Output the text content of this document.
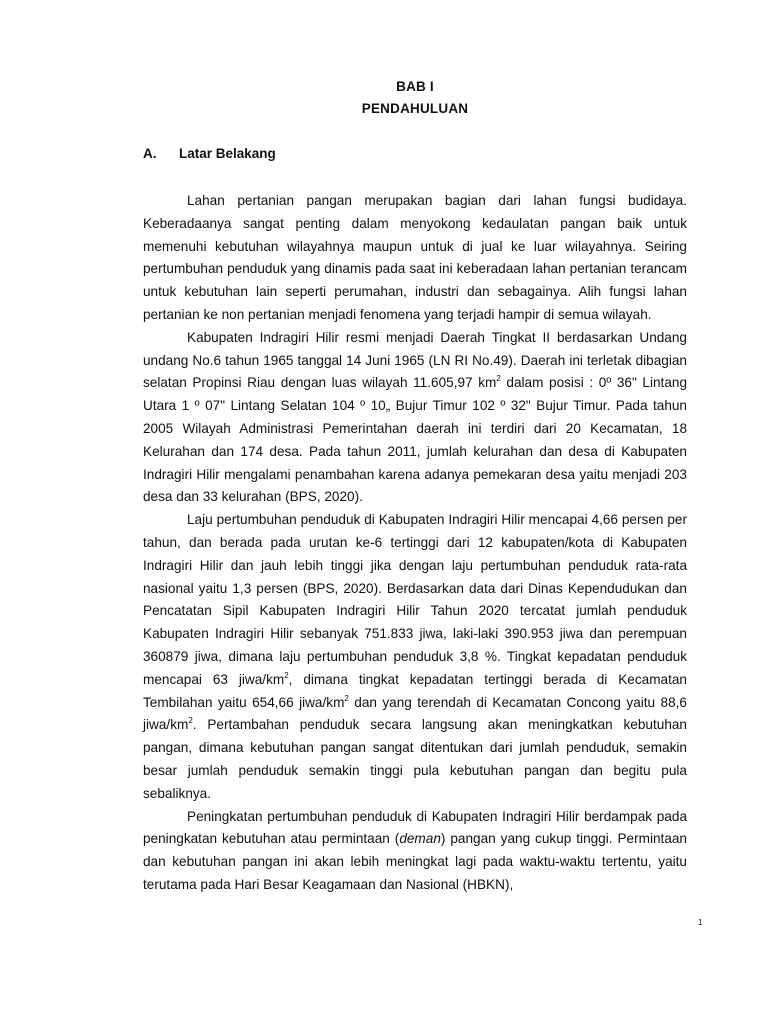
BAB I
PENDAHULUAN
A. Latar Belakang

Lahan pertanian pangan merupakan bagian dari lahan fungsi budidaya. Keberadaanya sangat penting dalam menyokong kedaulatan pangan baik untuk memenuhi kebutuhan wilayahnya maupun untuk di jual ke luar wilayahnya. Seiring pertumbuhan penduduk yang dinamis pada saat ini keberadaan lahan pertanian terancam untuk kebutuhan lain seperti perumahan, industri dan sebagainya. Alih fungsi lahan pertanian ke non pertanian menjadi fenomena yang terjadi hampir di semua wilayah.

Kabupaten Indragiri Hilir resmi menjadi Daerah Tingkat II berdasarkan Undang undang No.6 tahun 1965 tanggal 14 Juni 1965 (LN RI No.49). Daerah ini terletak dibagian selatan Propinsi Riau dengan luas wilayah 11.605,97 $km^2$ dalam posisi : 0º 36" Lintang Utara 1 º 07" Lintang Selatan 104 º 10„ Bujur Timur 102 º 32" Bujur Timur. Pada tahun 2005 Wilayah Administrasi Pemerintahan daerah ini terdiri dari 20 Kecamatan, 18 Kelurahan dan 174 desa. Pada tahun 2011, jumlah kelurahan dan desa di Kabupaten Indragiri Hilir mengalami penambahan karena adanya pemekaran desa yaitu menjadi 203 desa dan 33 kelurahan (BPS, 2020).

Laju pertumbuhan penduduk di Kabupaten Indragiri Hilir mencapai 4,66 persen per tahun, dan berada pada urutan ke-6 tertinggi dari 12 kabupaten/kota di Kabupaten Indragiri Hilir dan jauh lebih tinggi jika dengan laju pertumbuhan penduduk rata-rata nasional yaitu 1,3 persen (BPS, 2020). Berdasarkan data dari Dinas Kependudukan dan Pencatatan Sipil Kabupaten Indragiri Hilir Tahun 2020 tercatat jumlah penduduk Kabupaten Indragiri Hilir sebanyak 751.833 jiwa, laki-laki 390.953 jiwa dan perempuan 360879 jiwa, dimana laju pertumbuhan penduduk 3,8 %. Tingkat kepadatan penduduk mencapai 63 jiwa/$km^2$, dimana tingkat kepadatan tertinggi berada di Kecamatan Tembilahan yaitu 654,66 jiwa/$km^2$ dan yang terendah di Kecamatan Concong yaitu 88,6 jiwa/$km^2$. Pertambahan penduduk secara langsung akan meningkatkan kebutuhan pangan, dimana kebutuhan pangan sangat ditentukan dari jumlah penduduk, semakin besar jumlah penduduk semakin tinggi pula kebutuhan pangan dan begitu pula sebaliknya.

Peningkatan pertumbuhan penduduk di Kabupaten Indragiri Hilir berdampak pada peningkatan kebutuhan atau permintaan (deman) pangan yang cukup tinggi. Permintaan dan kebutuhan pangan ini akan lebih meningkat lagi pada waktu-waktu tertentu, yaitu terutama pada Hari Besar Keagamaan dan Nasional (HBKN),

1
